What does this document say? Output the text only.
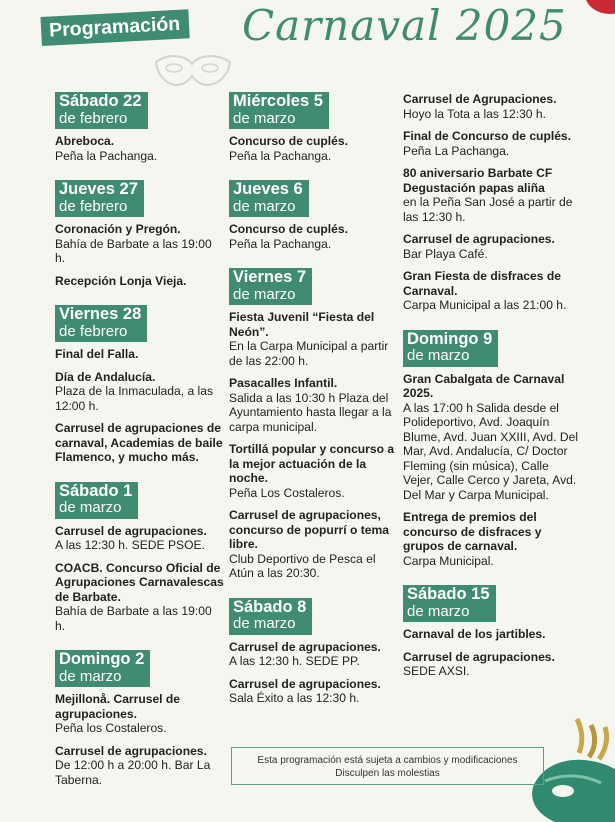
Programación Carnaval 2025
Sábado 22
de febrero
Abreboca.
Peña la Pachanga.
Jueves 27
de febrero
Coronación y Pregón.
Bahía de Barbate a las 19:00 h.
Recepción Lonja Vieja.
Viernes 28
de febrero
Final del Falla.
Día de Andalucía.
Plaza de la Inmaculada, a las 12:00 h.
Carrusel de agrupaciones de carnaval, Academias de baile Flamenco, y mucho más.
Sábado 1
de marzo
Carrusel de agrupaciones.
A las 12:30 h. SEDE PSOE.
COACB. Concurso Oficial de Agrupaciones Carnavalescas de Barbate.
Bahía de Barbate a las 19:00 h.
Domingo 2
de marzo
Mejillonå. Carrusel de agrupaciones.
Peña los Costaleros.
Carrusel de agrupaciones.
De 12:00 h a 20:00 h. Bar La Taberna.
Miércoles 5
de marzo
Concurso de cuplés.
Peña la Pachanga.
Jueves 6
de marzo
Concurso de cuplés.
Peña la Pachanga.
Viernes 7
de marzo
Fiesta Juvenil “Fiesta del Neón”.
En la Carpa Municipal a partir de las 22:00 h.
Pasacalles Infantil.
Salida a las 10:30 h Plaza del Ayuntamiento hasta llegar a la carpa municipal.
Tortillá popular y concurso a la mejor actuación de la noche.
Peña Los Costaleros.
Carrusel de agrupaciones, concurso de popurrí o tema libre.
Club Deportivo de Pesca el Atún a las 20:30.
Sábado 8
de marzo
Carrusel de agrupaciones.
A las 12:30 h. SEDE PP.
Carrusel de agrupaciones.
Sala Éxito a las 12:30 h.
Carrusel de Agrupaciones.
Hoyo la Tota a las 12:30 h.
Final de Concurso de cuplés.
Peña La Pachanga.
80 aniversario Barbate CF Degustación papas aliña
en la Peña San José a partir de las 12:30 h.
Carrusel de agrupaciones.
Bar Playa Café.
Gran Fiesta de disfraces de Carnaval.
Carpa Municipal a las 21:00 h.
Domingo 9
de marzo
Gran Cabalgata de Carnaval 2025.
A las 17:00 h Salida desde el Polideportivo, Avd. Joaquín Blume, Avd. Juan XXIII, Avd. Del Mar, Avd. Andalucía, C/ Doctor Fleming (sin música), Calle Vejer, Calle Cerco y Jareta, Avd. Del Mar y Carpa Municipal.
Entrega de premios del concurso de disfraces y grupos de carnaval.
Carpa Municipal.
Sábado 15
de marzo
Carnaval de los jartibles.
Carrusel de agrupaciones.
SEDE AXSI.
Esta programación está sujeta a cambios y modificaciones
Disculpen las molestias
